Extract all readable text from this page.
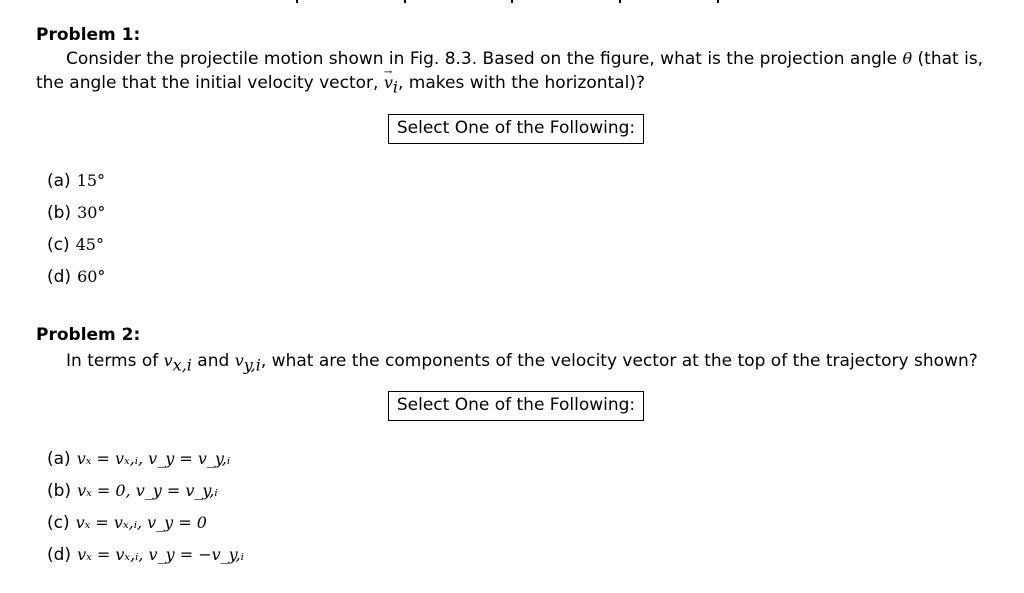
Problem 1:
Consider the projectile motion shown in Fig. 8.3. Based on the figure, what is the projection angle θ (that is, the angle that the initial velocity vector, → $v_i$, makes with the horizontal)?
Select One of the Following:
(a) 15°
(b) 30°
(c) 45°
(d) 60°
Problem 2:
In terms of $v_{x,i}$ and $v_{y,i}$, what are the components of the velocity vector at the top of the trajectory shown?
Select One of the Following:
(a) vₓ = vₓ,ᵢ, v_y = v_y,ᵢ
(b) vₓ = 0, v_y = v_y,ᵢ
(c) vₓ = vₓ,ᵢ, v_y = 0
(d) vₓ = vₓ,ᵢ, v_y = −v_y,ᵢ
